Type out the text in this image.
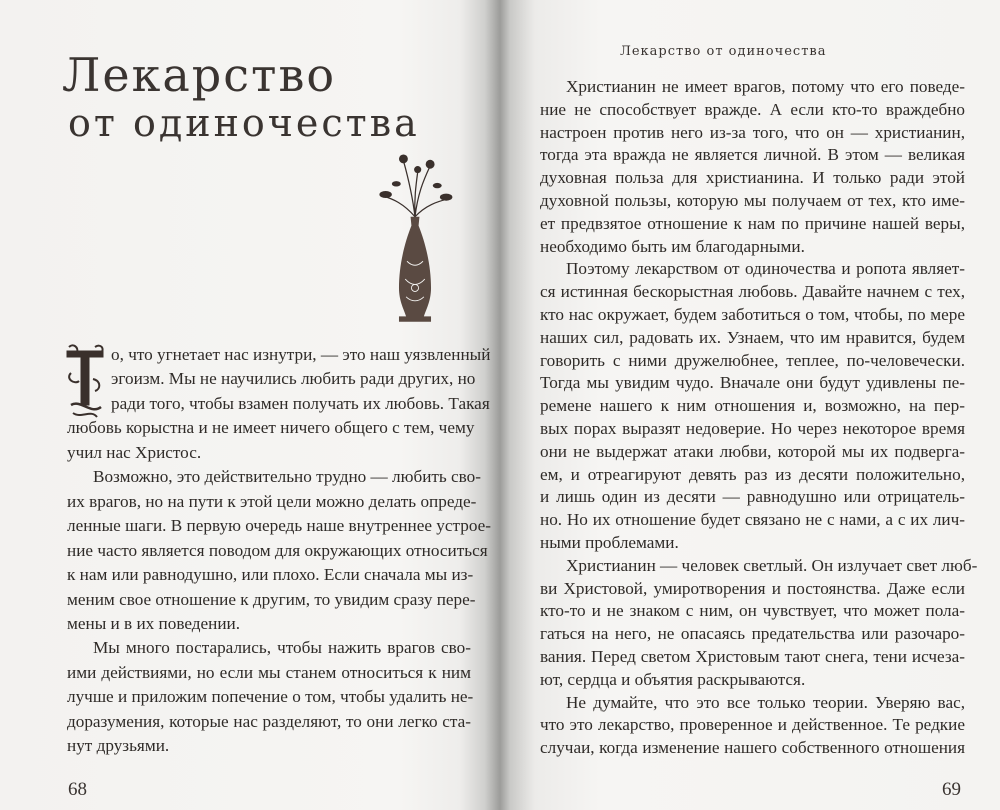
Лекарство
от одиночества
о, что угнетает нас изнутри, — это наш уязвленный
эгоизм. Мы не научились любить ради других, но
ради того, чтобы взамен получать их любовь. Такая
любовь корыстна и не имеет ничего общего с тем, чему
учил нас Христос.
Возможно, это действительно трудно — любить сво-
их врагов, но на пути к этой цели можно делать опреде-
ленные шаги. В первую очередь наше внутреннее устрое-
ние часто является поводом для окружающих относиться
к нам или равнодушно, или плохо. Если сначала мы из-
меним свое отношение к другим, то увидим сразу пере-
мены и в их поведении.
Мы много постарались, чтобы нажить врагов сво-
ими действиями, но если мы станем относиться к ним
лучше и приложим попечение о том, чтобы удалить не-
доразумения, которые нас разделяют, то они легко ста-
нут друзьями.
Христианин не имеет врагов, потому что его поведе-
ние не способствует вражде. А если кто-то враждебно
настроен против него из-за того, что он — христианин,
тогда эта вражда не является личной. В этом — великая
духовная польза для христианина. И только ради этой
духовной пользы, которую мы получаем от тех, кто име-
ет предвзятое отношение к нам по причине нашей веры,
необходимо быть им благодарными.
Поэтому лекарством от одиночества и ропота являет-
ся истинная бескорыстная любовь. Давайте начнем с тех,
кто нас окружает, будем заботиться о том, чтобы, по мере
наших сил, радовать их. Узнаем, что им нравится, будем
говорить с ними дружелюбнее, теплее, по-человечески.
Тогда мы увидим чудо. Вначале они будут удивлены пе-
ремене нашего к ним отношения и, возможно, на пер-
вых порах выразят недоверие. Но через некоторое время
они не выдержат атаки любви, которой мы их подверга-
ем, и отреагируют девять раз из десяти положительно,
и лишь один из десяти — равнодушно или отрицатель-
но. Но их отношение будет связано не с нами, а с их лич-
ными проблемами.
Христианин — человек светлый. Он излучает свет люб-
ви Христовой, умиротворения и постоянства. Даже если
кто-то и не знаком с ним, он чувствует, что может пола-
гаться на него, не опасаясь предательства или разочаро-
вания. Перед светом Христовым тают снега, тени исчеза-
ют, сердца и объятия раскрываются.
Не думайте, что это все только теории. Уверяю вас,
что это лекарство, проверенное и действенное. Те редкие
случаи, когда изменение нашего собственного отношения
Лекарство от одиночества
68	69
